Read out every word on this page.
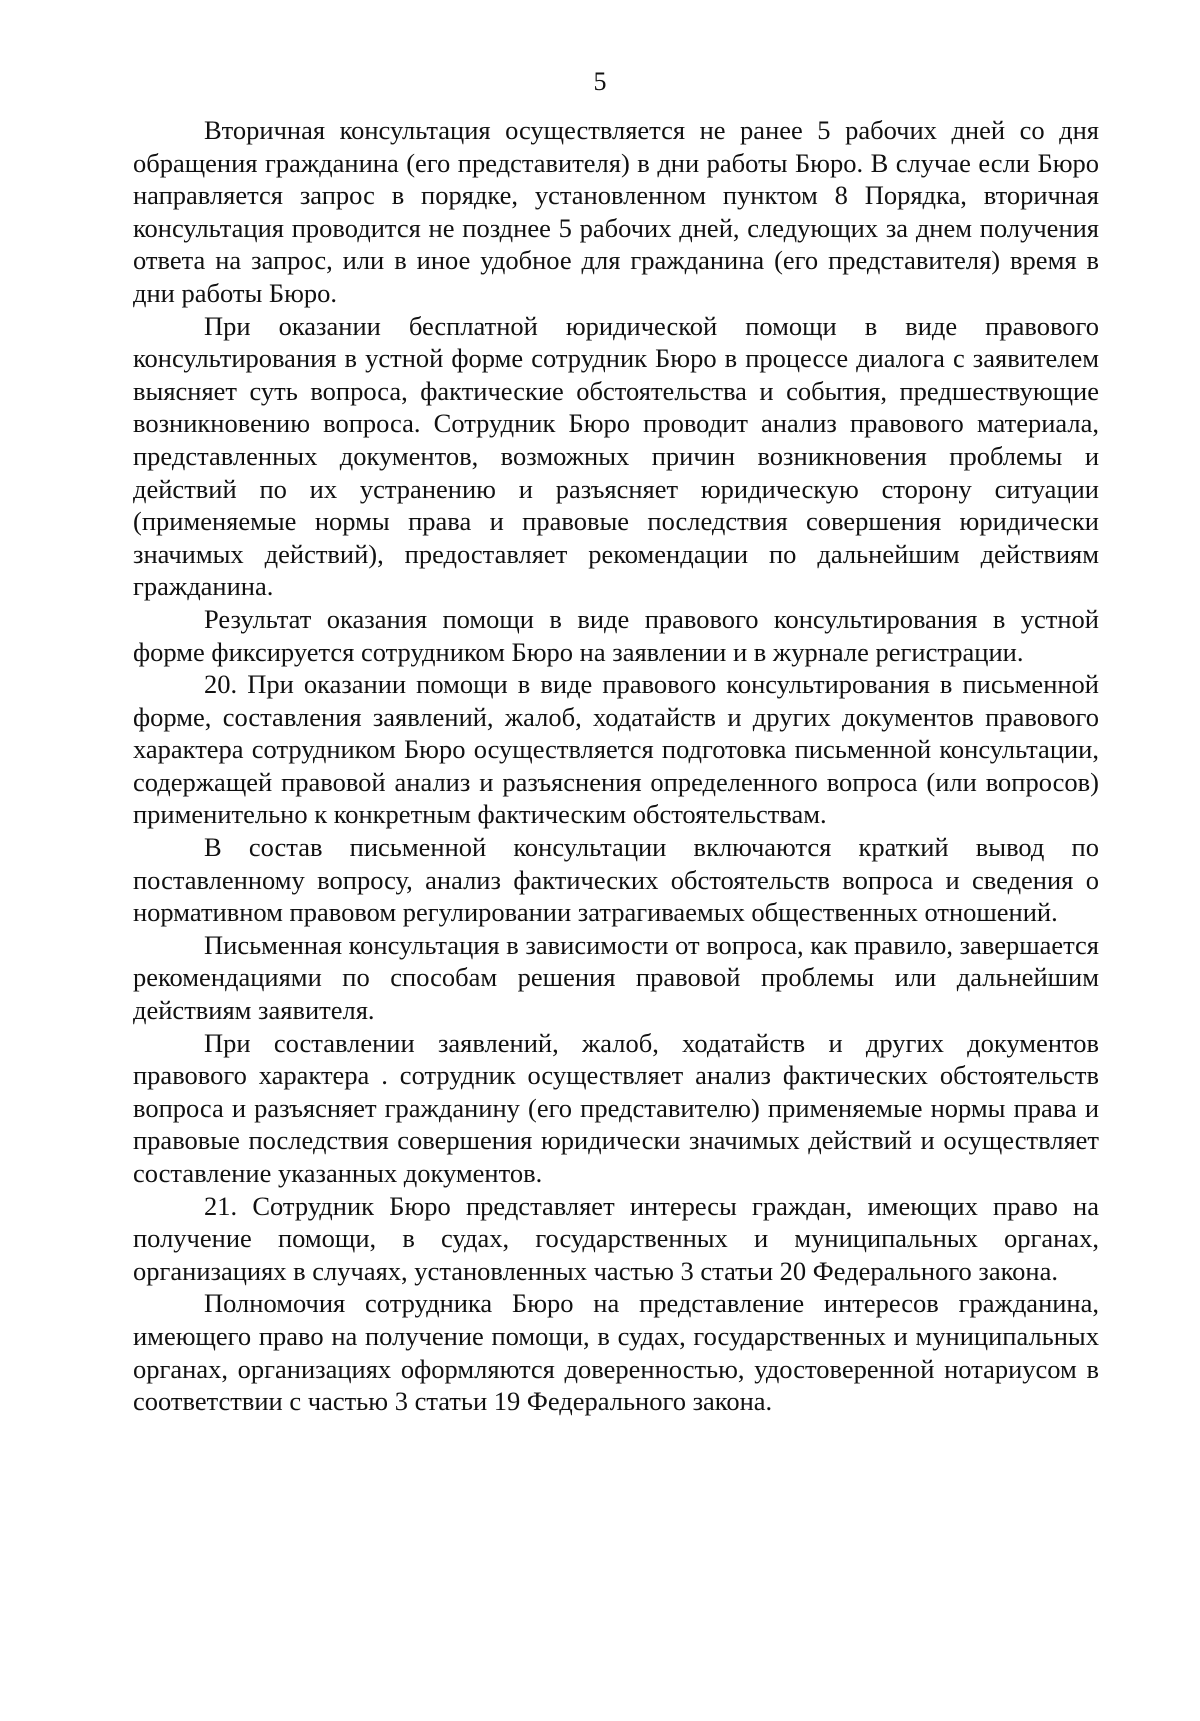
5

Вторичная консультация осуществляется не ранее 5 рабочих дней со дня обращения гражданина (его представителя) в дни работы Бюро. В случае если Бюро направляется запрос в порядке, установленном пунктом 8 Порядка, вторичная консультация проводится не позднее 5 рабочих дней, следующих за днем получения ответа на запрос, или в иное удобное для гражданина (его представителя) время в дни работы Бюро.

При оказании бесплатной юридической помощи в виде правового консультирования в устной форме сотрудник Бюро в процессе диалога с заявителем выясняет суть вопроса, фактические обстоятельства и события, предшествующие возникновению вопроса. Сотрудник Бюро проводит анализ правового материала, представленных документов, возможных причин возникновения проблемы и действий по их устранению и разъясняет юридическую сторону ситуации (применяемые нормы права и правовые последствия совершения юридически значимых действий), предоставляет рекомендации по дальнейшим действиям гражданина.

Результат оказания помощи в виде правового консультирования в устной форме фиксируется сотрудником Бюро на заявлении и в журнале регистрации.

20. При оказании помощи в виде правового консультирования в письменной форме, составления заявлений, жалоб, ходатайств и других документов правового характера сотрудником Бюро осуществляется подготовка письменной консультации, содержащей правовой анализ и разъяснения определенного вопроса (или вопросов) применительно к конкретным фактическим обстоятельствам.

В состав письменной консультации включаются краткий вывод по поставленному вопросу, анализ фактических обстоятельств вопроса и сведения о нормативном правовом регулировании затрагиваемых общественных отношений.

Письменная консультация в зависимости от вопроса, как правило, завершается рекомендациями по способам решения правовой проблемы или дальнейшим действиям заявителя.

При составлении заявлений, жалоб, ходатайств и других документов правового характера . сотрудник осуществляет анализ фактических обстоятельств вопроса и разъясняет гражданину (его представителю) применяемые нормы права и правовые последствия совершения юридически значимых действий и осуществляет составление указанных документов.

21. Сотрудник Бюро представляет интересы граждан, имеющих право на получение помощи, в судах, государственных и муниципальных органах, организациях в случаях, установленных частью 3 статьи 20 Федерального закона.

Полномочия сотрудника Бюро на представление интересов гражданина, имеющего право на получение помощи, в судах, государственных и муниципальных органах, организациях оформляются доверенностью, удостоверенной нотариусом в соответствии с частью 3 статьи 19 Федерального закона.
